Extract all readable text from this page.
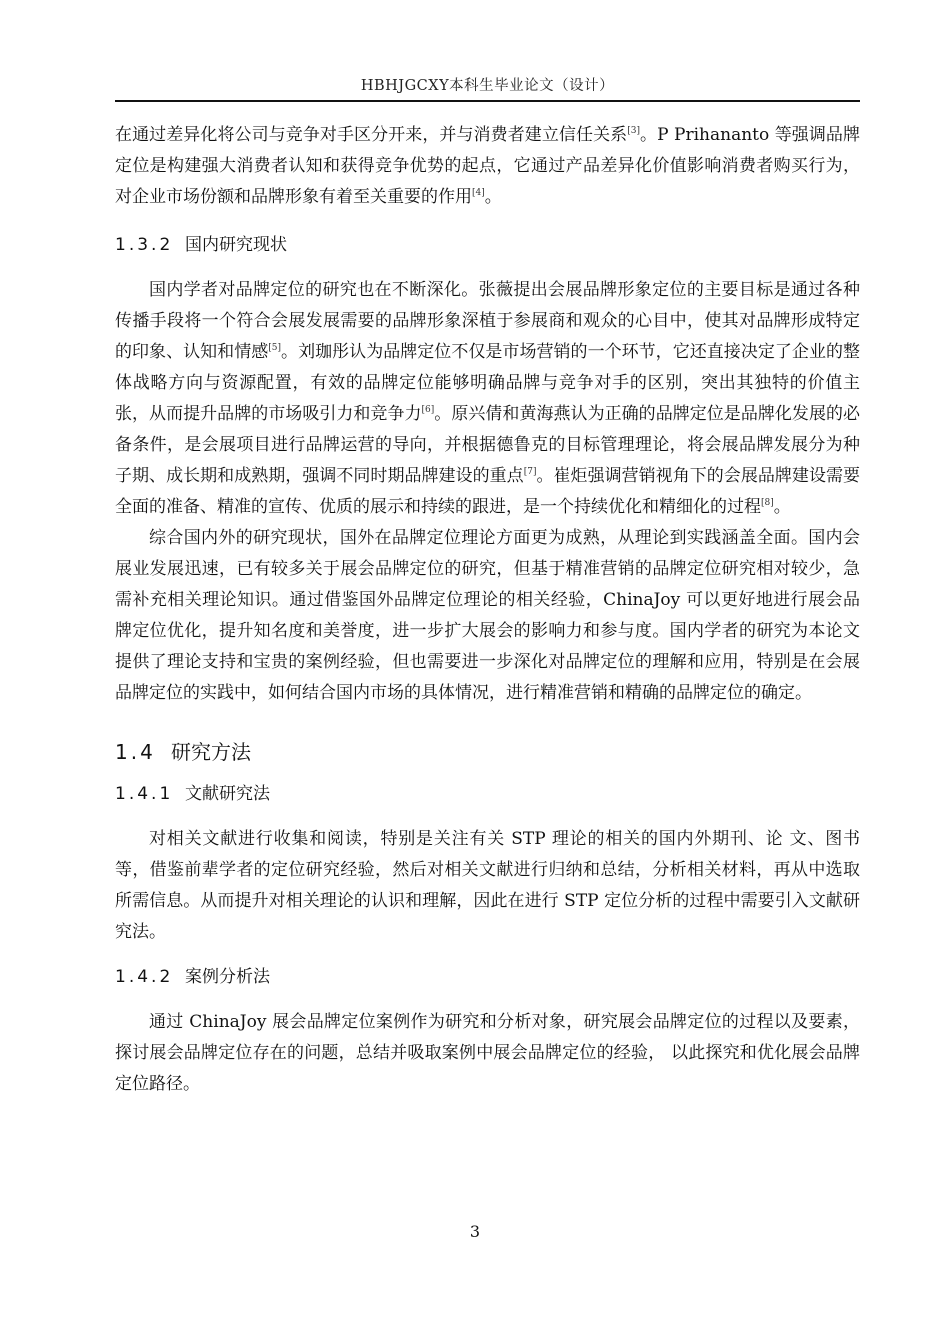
HBHJGCXY本科生毕业论文（设计）

在通过差异化将公司与竞争对手区分开来，并与消费者建立信任关系[3]。P Prihananto 等强调品牌定位是构建强大消费者认知和获得竞争优势的起点，它通过产品差异化价值影响消费者购买行为，对企业市场份额和品牌形象有着至关重要的作用[4]。

1.3.2 国内研究现状

国内学者对品牌定位的研究也在不断深化。张薇提出会展品牌形象定位的主要目标是通过各种传播手段将一个符合会展发展需要的品牌形象深植于参展商和观众的心目中，使其对品牌形成特定的印象、认知和情感[5]。刘珈彤认为品牌定位不仅是市场营销的一个环节，它还直接决定了企业的整体战略方向与资源配置，有效的品牌定位能够明确品牌与竞争对手的区别，突出其独特的价值主张，从而提升品牌的市场吸引力和竞争力[6]。原兴倩和黄海燕认为正确的品牌定位是品牌化发展的必备条件，是会展项目进行品牌运营的导向，并根据德鲁克的目标管理理论，将会展品牌发展分为种子期、成长期和成熟期，强调不同时期品牌建设的重点[7]。崔炬强调营销视角下的会展品牌建设需要全面的准备、精准的宣传、优质的展示和持续的跟进，是一个持续优化和精细化的过程[8]。

综合国内外的研究现状，国外在品牌定位理论方面更为成熟，从理论到实践涵盖全面。国内会展业发展迅速，已有较多关于展会品牌定位的研究，但基于精准营销的品牌定位研究相对较少，急需补充相关理论知识。通过借鉴国外品牌定位理论的相关经验，ChinaJoy 可以更好地进行展会品牌定位优化，提升知名度和美誉度，进一步扩大展会的影响力和参与度。国内学者的研究为本论文提供了理论支持和宝贵的案例经验，但也需要进一步深化对品牌定位的理解和应用，特别是在会展品牌定位的实践中，如何结合国内市场的具体情况，进行精准营销和精确的品牌定位的确定。

1.4 研究方法
1.4.1 文献研究法

对相关文献进行收集和阅读，特别是关注有关 STP 理论的相关的国内外期刊、论 文、图书等，借鉴前辈学者的定位研究经验，然后对相关文献进行归纳和总结，分析相关材料，再从中选取所需信息。从而提升对相关理论的认识和理解，因此在进行 STP 定位分析的过程中需要引入文献研究法。

1.4.2 案例分析法

通过 ChinaJoy 展会品牌定位案例作为研究和分析对象，研究展会品牌定位的过程以及要素，探讨展会品牌定位存在的问题，总结并吸取案例中展会品牌定位的经验， 以此探究和优化展会品牌定位路径。

3
